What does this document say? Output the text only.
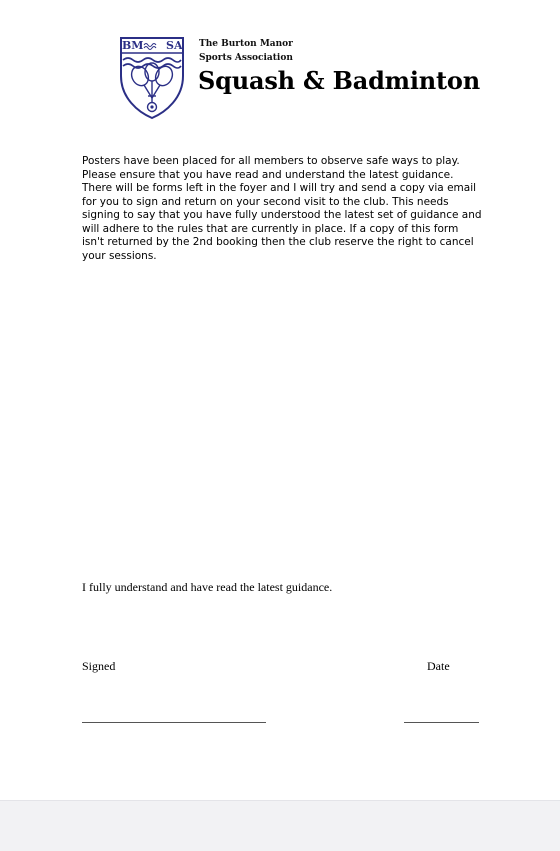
BM SA The Burton Manor
Sports Association
Squash & Badminton

Posters have been placed for all members to observe safe ways to play. Please ensure that you have read and understand the latest guidance. There will be forms left in the foyer and I will try and send a copy via email for you to sign and return on your second visit to the club. This needs signing to say that you have fully understood the latest set of guidance and will adhere to the rules that are currently in place. If a copy of this form isn't returned by the 2nd booking then the club reserve the right to cancel your sessions.

I fully understand and have read the latest guidance.
Signed	Date
